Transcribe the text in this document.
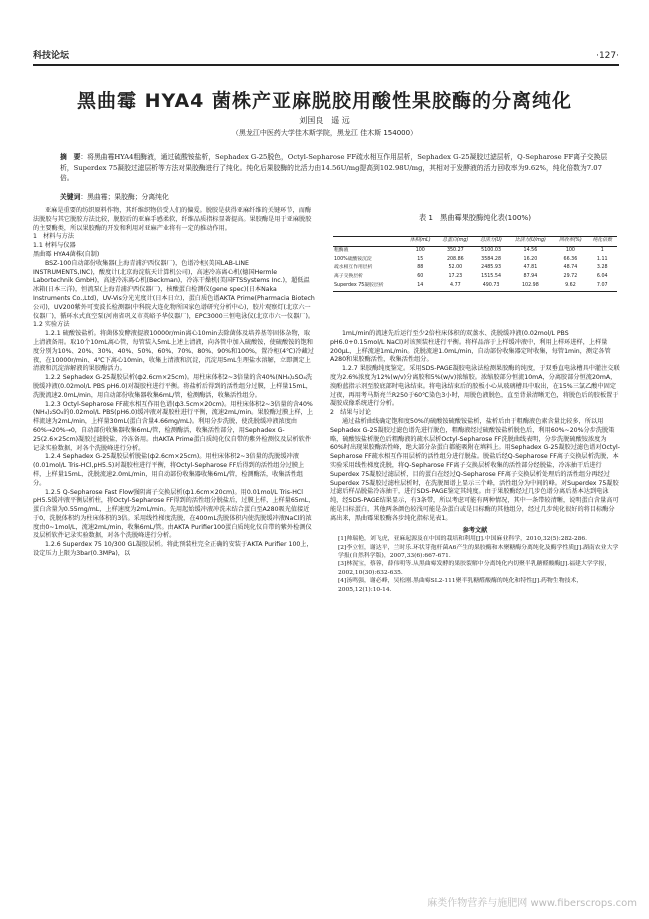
科技论坛	·127·
黑曲霉 HYA4 菌株产亚麻脱胶用酸性果胶酶的分离纯化
刘国良　遥 远
（黑龙江中医药大学佳木斯学院，黑龙江 佳木斯 154000）
摘　要：将黑曲霉HYA4粗酶液，通过硫酸铵盐析，Sephadex G-25脱色，Octyl-Sepharose FF疏水相互作用层析，Sephadex G-25凝胶过滤层析，Q-Sepharose FF离子交换层析，Superdex 75凝胶过滤层析等方法对果胶酶进行了纯化。纯化后果胶酶的比活力由14.56U/mg提高到102.98U/mg，其相对于发酵液的活力回收率为9.62%，纯化倍数为7.07倍。
关键词：黑曲霉；果胶酶；分离纯化

亚麻是重要的纺织原料作物，其纤维织物倍受人们的偏爱。脱胶是获得亚麻纤维的关键环节，而酶法脱胶与其它脱胶方法比较，脱胶后的亚麻手感柔软，纤维品质指标显著提高。果胶酶是用于亚麻脱胶的主要酶类，所以果胶酶的开发和利用对亚麻产业将有一定的推动作用。

1　材料与方法

1.1 材料与仪器

黑曲霉 HYA4菌株(自制)

BSZ-100自动部份收集器(上海青浦沪西仪器厂)，色谱冷柜(美国LAB-LINE INSTRUMENTS,INC)，酸度计(北京海淀航天计算机公司)，高速冷冻离心机(德国Hermle Labortechnik GmbH)，高速冷冻离心机(Beckman)，冷冻干燥机(美国FTSSystems Inc.)，超低温冰箱(日本三洋)，恒流泵(上海青浦沪西仪器厂)，核酸蛋白检测仪(gene spec)(日本Naka Instruments Co.,Ltd)，UV-Vis分光光度计(日本日立)，蛋白质色谱AKTA Prime(Pharmacia Biotech公司)，UV200紫外可变波长检测器(中科院大连化物所国家色谱研究分析中心)，胶片观察灯(北京六一仪器厂)，循环水式真空泵(河南省巩义市英峪予华仪器厂)，EPC3000三恒电泳仪(北京市六一仪器厂)。

1.2 实验方法

1.2.1 硫酸铵盐析。将菌体发酵液提液10000r/min离心10min去除菌体及培养基等固体杂物，取上清液备用。取10个10mL离心管，每管装入5mL上述上清液，向各管中加入硫酸铵，使硫酸铵的饱和度分别为10%、20%、30%、40%、50%、60%、70%、80%、90%和100%，置冷柜(4℃)冷藏过夜，在10000r/min、4℃下离心10min，收集上清液和沉淀，沉淀用5mL生理盐水溶解，立即测定上清液和沉淀溶解液的果胶酶活力。

1.2.2 Sephadex G-25凝胶层析(ф2.6cm×25cm)。用柱床体积2~3倍量的含40%(NH₄)₂SO₄洗脱缓冲液(0.02mol/L PBS pH6.0)对凝胶柱进行平衡。将盐析后得到的活性组分过膜，上样量15mL，洗脱流速2.0mL/min，用自动部份收集器收集6mL/管，检测酶活，收集活性组分。

1.2.3 Octyl-Sepharose FF疏水相互作用色谱(ф3.5cm×20cm)。用柱床体积2~3倍量的含40%(NH₄)₂SO₄的0.02mol/L PBS(pH6.0)缓冲液对凝胶柱进行平衡，流速2mL/min。果胶酶过膜上样，上样流速为2mL/min，上样量30mL(蛋白含量4.66mg/mL)。利用分步洗脱，使洗脱缓冲液浓度由60%→20%→0，自动部份收集器收集6mL/管，检测酶活，收集活性部分，用Sephadex G-25(2.6×25cm)凝胶过滤脱盐，冷冻备用。由AKTA Prime蛋白质纯化仪自带的紫外检测仪及层析软件记录实验数据，对各个洗脱峰进行分析。

1.2.4 Sephadex G-25凝胶层析脱盐(ф2.6cm×25cm)。用柱床体积2~3倍量的洗脱缓冲液(0.01mol/L Tris-HCl,pH5.5)对凝胶柱进行平衡，将Octyl-Sepharose FF后得到的活性组分过膜上样，上样量15mL，洗脱流速2.0mL/min，用自动部份收集器收集6mL/管，检测酶活，收集活性组分。

1.2.5 Q-Sepharose Fast Flow强阴离子交换层析(ф1.6cm×20cm)。用0.01mol/L Tris-HCl pH5.5缓冲液平衡层析柱，将Octyl-Sepharose FF得到的活性组分脱盐后，过膜上样，上样量65mL，蛋白含量为0.55mg/mL，上样速度为2mL/min。先用起始缓冲液冲洗未结合蛋白至A280吸光值接近于0，洗脱体积约为柱床体积的3倍。采用线性梯度洗脱，在400mL洗脱体积内使洗脱缓冲液NaCl的浓度由0~1mol/L，流速2mL/min，收集6mL/管。由AKTA Purifier100蛋白质纯化仪自带的紫外检测仪及层析软件记录实验数据，对各个洗脱峰进行分析。

1.2.6 Superdex 75 10/300 GL凝胶层析。将此预装柱完全正确的安装于AKTA Purifier 100上，设定压力上限为3bar(0.3MPa)，以

表 1　黑曲霉果胶酶纯化表(100%)
	体积(mL)	总蛋白(mg)	总活力(U)	比活力(U/mg)	回收率(%)	纯化倍数
粗酶液	100	350.27	5100.03	14.56	100	1
100%硫酸铵沉淀	15	208.86	3584.28	16.20	66.36	1.11
疏水相互作用层析	88	52.00	2485.93	47.81	48.74	3.28
离子交换层析	60	17.23	1515.54	87.94	29.72	6.04
Superdex 75凝胶层析	14	4.77	490.73	102.98	9.62	7.07

1mL/min的流速先后运行至少2倍柱床体积的双蒸水、洗脱缓冲液(0.02mol/L PBS pH6.0+0.15mol/L NaCl)对该预装柱进行平衡。将样品溶于上样缓冲液中，利用上样环进样，上样量200μL，上样流速1mL/min。洗脱流速1.0mL/min，自动部份收集器定时收集，每管1min，测定各管A280和果胶酶活性，收集活性组分。

1.2.7 果胶酶纯度鉴定。采用SDS-PAGE凝胶电泳法检测果胶酶的纯度，于双垂直电泳槽具中灌注交联度为2.6%浓度为12%(w/v)分离胶和5%(w/v)浓缩胶。浓缩胶部分恒流10mA，分离胶部分恒流20mA，溴酚蓝指示剂至胶底部时电泳结束。将电泳结束后的胶板小心从玻璃槽具中取出，在15%三氯乙酸中固定过夜，再用考马斯亮兰R250于60℃染色3小时，用脱色液脱色，直至背景清晰无色，将脱色后的胶板置于凝胶成像系统进行分析。

2　结果与讨论

通过盐析曲线确定饱和度50%的硫酸铵硫酸铵盐析，盐析后由于粗酶液色素含量比较多，所以用Sephadex G-25凝胶过滤色谱先进行脱色，粗酶液经过硫酸铵盐析脱色后，利用60%~20%分步洗脱策略，硫酸铵盐析脱色后粗酶液的疏水层析Octyl-Sepharose FF洗脱曲线表明，分步洗脱硫酸铵浓度为60%时出现果胶酶活性峰，绝大部分杂蛋白都能吸附在填料上。用Sephadex G-25凝胶过滤色谱对Octyl-Sepharose FF疏水相互作用层析的活性组分进行脱盐。脱盐后经Q-Sepharose FF离子交换层析洗脱，本实验采用线性梯度洗脱，将Q-Sepharose FF离子交换层析收集的活性部分经脱盐，冷冻抽干后进行Superdex 75凝胶过滤层析，目的蛋白在经过Q-Sepharose FF离子交换层析处理后的活性组分再经过Superdex 75凝胶过滤柱层析时，在洗脱图谱上显示三个峰，活性组分为中间的峰。对Superdex 75凝胶过滤后样品脱盐冷冻抽干，进行SDS-PAGE鉴定其纯度。由于果胶酶经过几步色谱分离后基本达到电泳纯，经SDS-PAGE结果显示，有3条带，所以考虑可能有两种情况，其中一条带较清晰，说明蛋白含量高可能是目标蛋白，其他两条颜色较浅可能是杂蛋白或是目标酶的其他组分，经过几步纯化很好的将目标酶分离出来，黑曲霉果胶酶各步纯化指标见表1。

参考文献

[1]帅瑞艳，刘飞虎，亚麻起源及在中国的栽培和利用[J].中国麻业科学，2010,32(5):282-286.

[2]李立恒，谢达平，兰时乐.环状芽孢杆菌A6产生的果胶酶和木聚糖酶分离纯化及酶学性质[J].湖南农业大学学报(自然科学版)，2007,33(6):667-671.

[3]林滉宝，蔡蓉，薛伟明等.从黑曲霉发酵的果胶裂解中分离纯化内切聚半乳糖醛酸酶[J].福建大学学报，2002,10(30):632-635.

[4]汤鸣强，谢必峰，吴松刚.黑曲霉SL2-111聚半乳糖醛酸酶的纯化和特性[J].药物生物技术，2005,12(1):10-14.

麻类作物营养与施肥网 www.fiberscrops.com
